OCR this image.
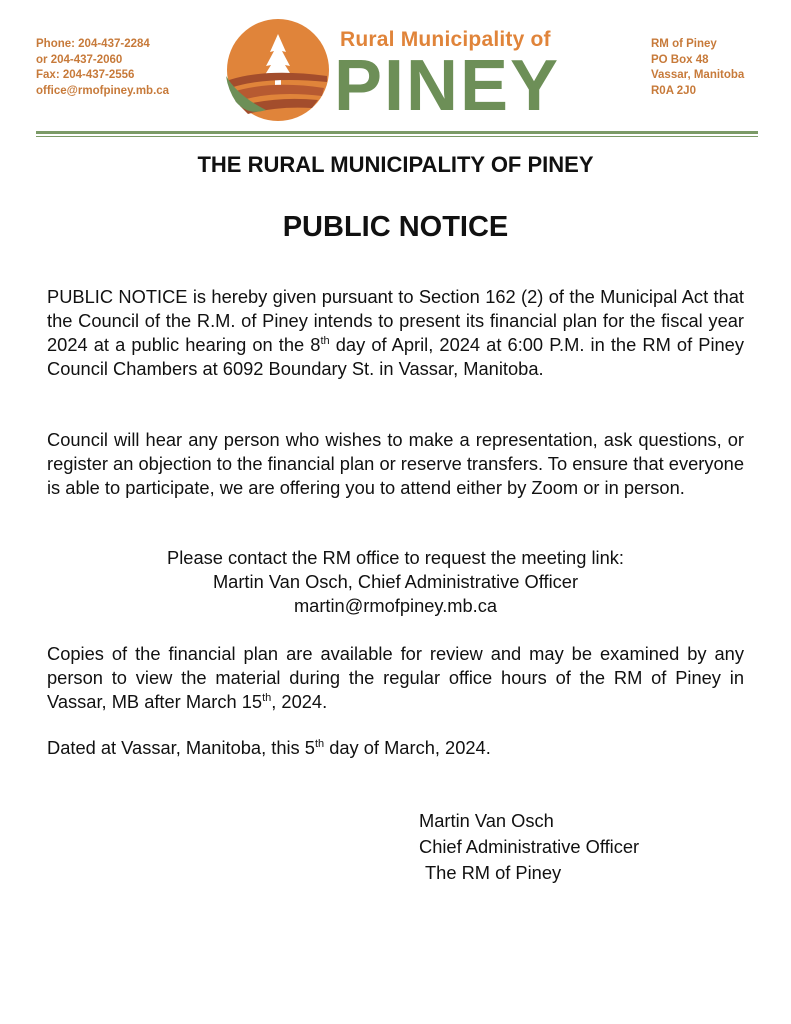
Phone: 204-437-2284
or 204-437-2060
Fax: 204-437-2556
office@rmofpiney.mb.ca
Rural Municipality of
PINEY
RM of Piney
PO Box 48
Vassar, Manitoba
R0A 2J0
THE RURAL MUNICIPALITY OF PINEY
PUBLIC NOTICE
PUBLIC NOTICE is hereby given pursuant to Section 162 (2) of the Municipal Act that the Council of the R.M. of Piney intends to present its financial plan for the fiscal year 2024 at a public hearing on the 8th day of April, 2024 at 6:00 P.M. in the RM of Piney Council Chambers at 6092 Boundary St. in Vassar, Manitoba.
Council will hear any person who wishes to make a representation, ask questions, or register an objection to the financial plan or reserve transfers. To ensure that everyone is able to participate, we are offering you to attend either by Zoom or in person.
Please contact the RM office to request the meeting link:
Martin Van Osch, Chief Administrative Officer
martin@rmofpiney.mb.ca
Copies of the financial plan are available for review and may be examined by any person to view the material during the regular office hours of the RM of Piney in Vassar, MB after March 15th, 2024.
Dated at Vassar, Manitoba, this 5th day of March, 2024.
Martin Van Osch
Chief Administrative Officer
The RM of Piney
